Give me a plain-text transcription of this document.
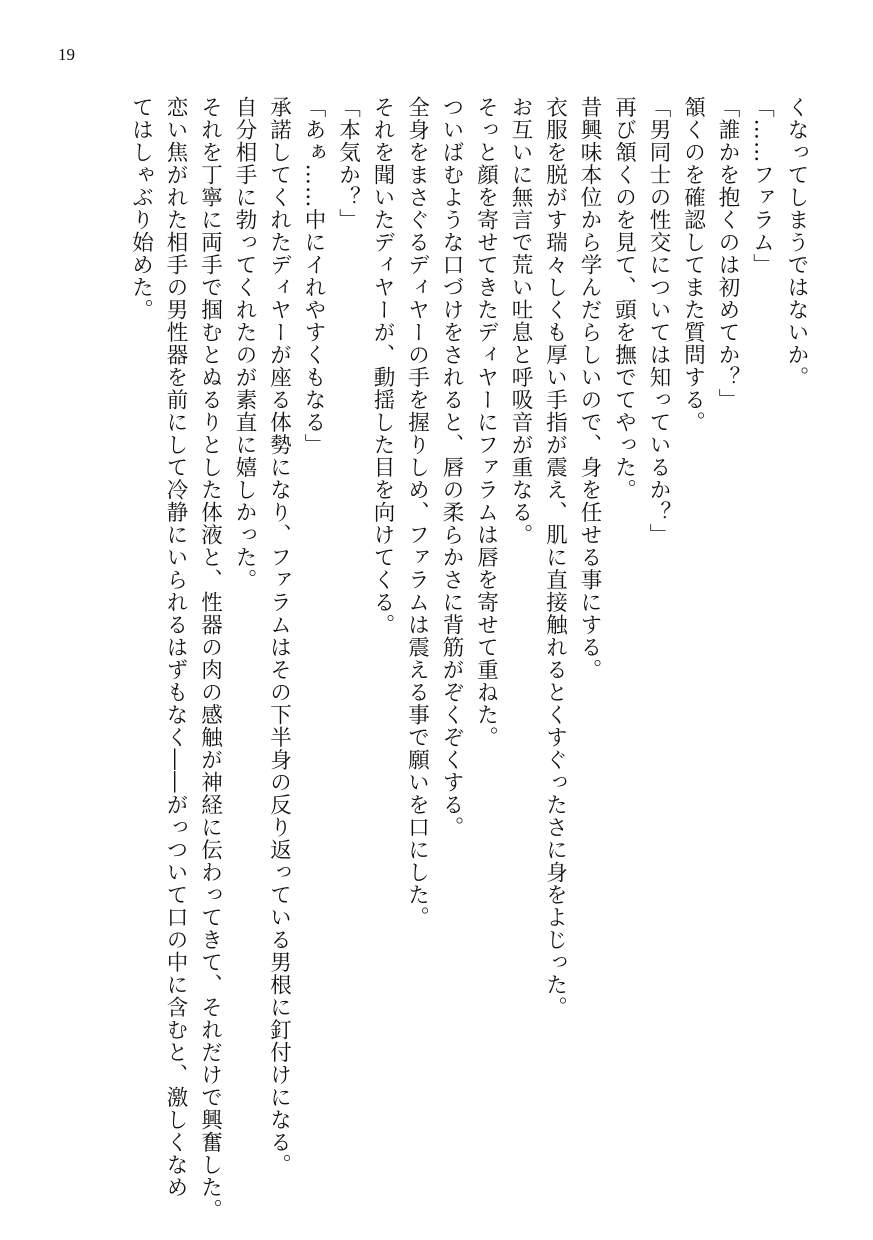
19
くなってしまうではないか。
「……ファラム」
「誰かを抱くのは初めてか？」
頷くのを確認してまた質問する。
「男同士の性交については知っているか？」
再び頷くのを見て、頭を撫でてやった。
昔興味本位から学んだらしいので、身を任せる事にする。
衣服を脱がす瑞々しくも厚い手指が震え、肌に直接触れるとくすぐったさに身をよじった。
お互いに無言で荒い吐息と呼吸音が重なる。
そっと顔を寄せてきたディヤーにファラムは唇を寄せて重ねた。
ついばむような口づけをされると、唇の柔らかさに背筋がぞくぞくする。
全身をまさぐるディヤーの手を握りしめ、ファラムは震える事で願いを口にした。
それを聞いたディヤーが、動揺した目を向けてくる。
「本気か？」
「あぁ……中にイれやすくもなる」
承諾してくれたディヤーが座る体勢になり、ファラムはその下半身の反り返っている男根に釘付けになる。
自分相手に勃ってくれたのが素直に嬉しかった。
それを丁寧に両手で掴むとぬるりとした体液と、性器の肉の感触が神経に伝わってきて、それだけで興奮した。
恋い焦がれた相手の男性器を前にして冷静にいられるはずもなく――がっついて口の中に含むと、激しくなめ
てはしゃぶり始めた。
